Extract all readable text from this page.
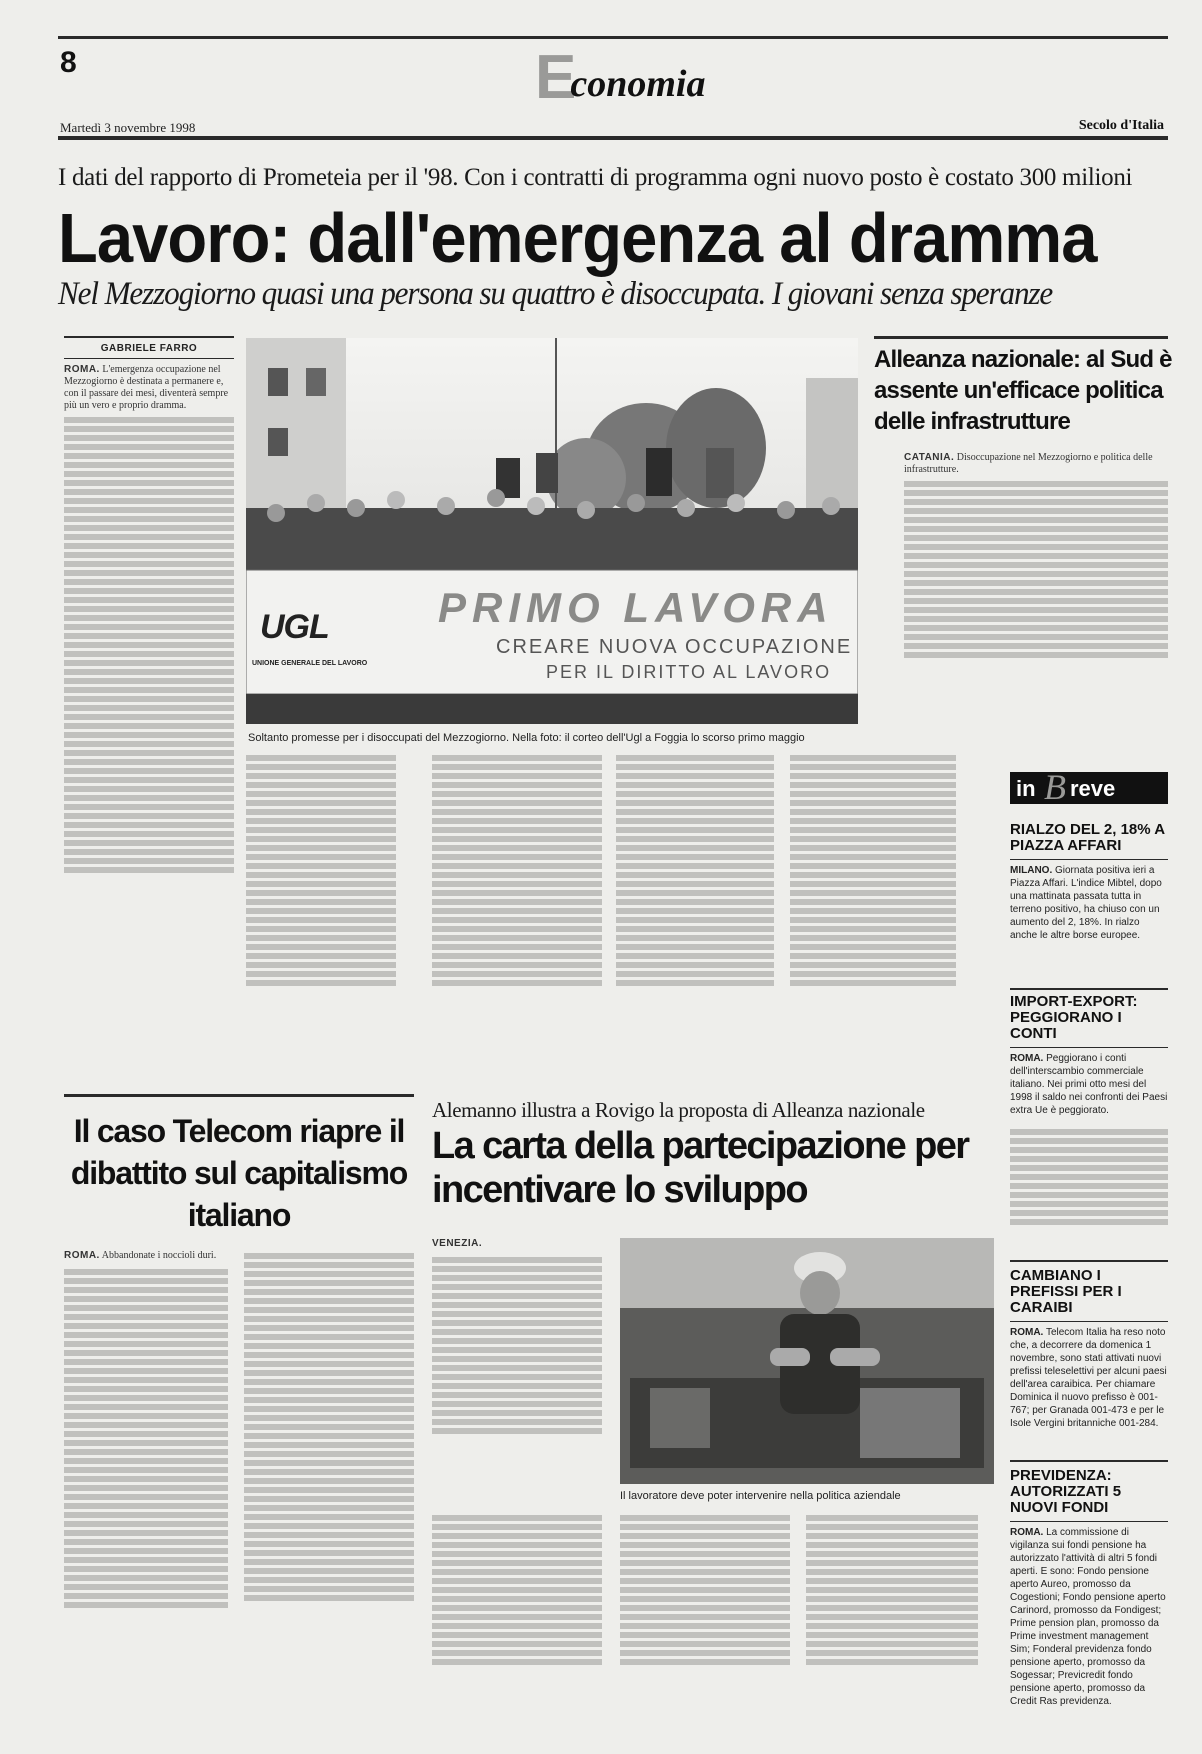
8	Economia
Martedì 3 novembre 1998	Secolo d'Italia
I dati del rapporto di Prometeia per il '98. Con i contratti di programma ogni nuovo posto è costato 300 milioni
Lavoro: dall'emergenza al dramma
Nel Mezzogiorno quasi una persona su quattro è disoccupata. I giovani senza speranze
GABRIELE FARRO
ROMA. L'emergenza occupazione nel Mezzogiorno è destinata a permanere e, con il passare dei mesi, diventerà sempre più un vero e proprio dramma.
UGL
UNIONE GENERALE DEL LAVORO
PRIMO LAVORA
CREARE NUOVA OCCUPAZIONE
PER IL DIRITTO AL LAVORO
Soltanto promesse per i disoccupati del Mezzogiorno. Nella foto: il corteo dell'Ugl a Foggia lo scorso primo maggio
Alleanza nazionale: al Sud è assente un'efficace politica delle infrastrutture
CATANIA. Disoccupazione nel Mezzogiorno e politica delle infrastrutture.
in B reve
RIALZO DEL 2, 18% A PIAZZA AFFARI
MILANO. Giornata positiva ieri a Piazza Affari. L'indice Mibtel, dopo una mattinata passata tutta in terreno positivo, ha chiuso con un aumento del 2, 18%. In rialzo anche le altre borse europee.
IMPORT-EXPORT: PEGGIORANO I CONTI
ROMA. Peggiorano i conti dell'interscambio commerciale italiano. Nei primi otto mesi del 1998 il saldo nei confronti dei Paesi extra Ue è peggiorato.
CAMBIANO I PREFISSI PER I CARAIBI
ROMA. Telecom Italia ha reso noto che, a decorrere da domenica 1 novembre, sono stati attivati nuovi prefissi teleselettivi per alcuni paesi dell'area caraibica. Per chiamare Dominica il nuovo prefisso è 001-767; per Granada 001-473 e per le Isole Vergini britanniche 001-284.
PREVIDENZA: AUTORIZZATI 5 NUOVI FONDI
ROMA. La commissione di vigilanza sui fondi pensione ha autorizzato l'attività di altri 5 fondi aperti. E sono: Fondo pensione aperto Aureo, promosso da Cogestioni; Fondo pensione aperto Carinord, promosso da Fondigest; Prime pension plan, promosso da Prime investment management Sim; Fonderal previdenza fondo pensione aperto, promosso da Sogessar; Previcredit fondo pensione aperto, promosso da Credit Ras previdenza.
Il caso Telecom riapre il dibattito sul capitalismo italiano
ROMA. Abbandonate i noccioli duri.
Alemanno illustra a Rovigo la proposta di Alleanza nazionale
La carta della partecipazione per incentivare lo sviluppo
VENEZIA.
Il lavoratore deve poter intervenire nella politica aziendale
